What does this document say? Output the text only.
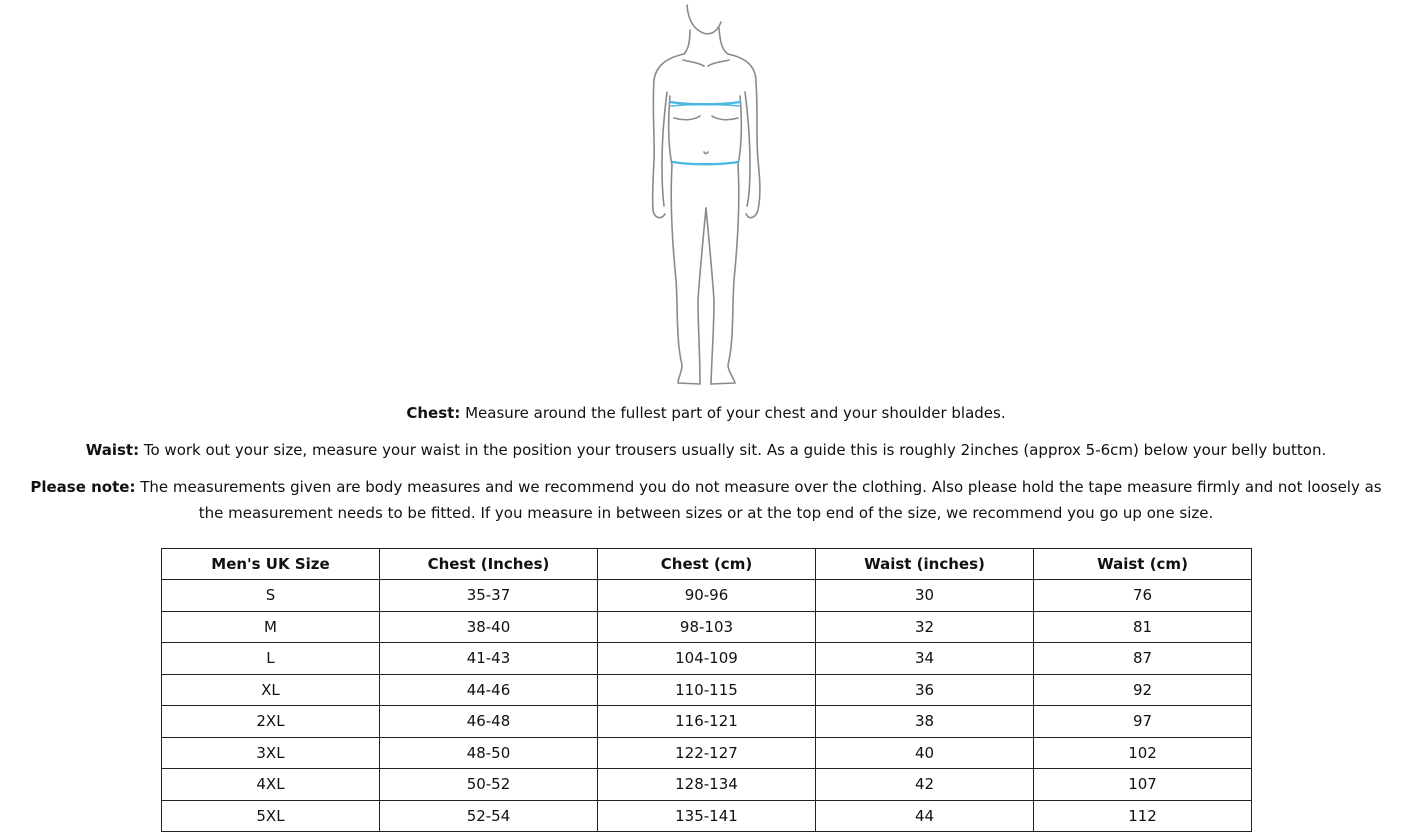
Chest: Measure around the fullest part of your chest and your shoulder blades.

Waist: To work out your size, measure your waist in the position your trousers usually sit. As a guide this is roughly 2inches (approx 5-6cm) below your belly button.

Please note: The measurements given are body measures and we recommend you do not measure over the clothing. Also please hold the tape measure firmly and not loosely as the measurement needs to be fitted. If you measure in between sizes or at the top end of the size, we recommend you go up one size.

Men's UK Size	Chest (Inches)	Chest (cm)	Waist (inches)	Waist (cm)
S	35-37	90-96	30	76
M	38-40	98-103	32	81
L	41-43	104-109	34	87
XL	44-46	110-115	36	92
2XL	46-48	116-121	38	97
3XL	48-50	122-127	40	102
4XL	50-52	128-134	42	107
5XL	52-54	135-141	44	112
